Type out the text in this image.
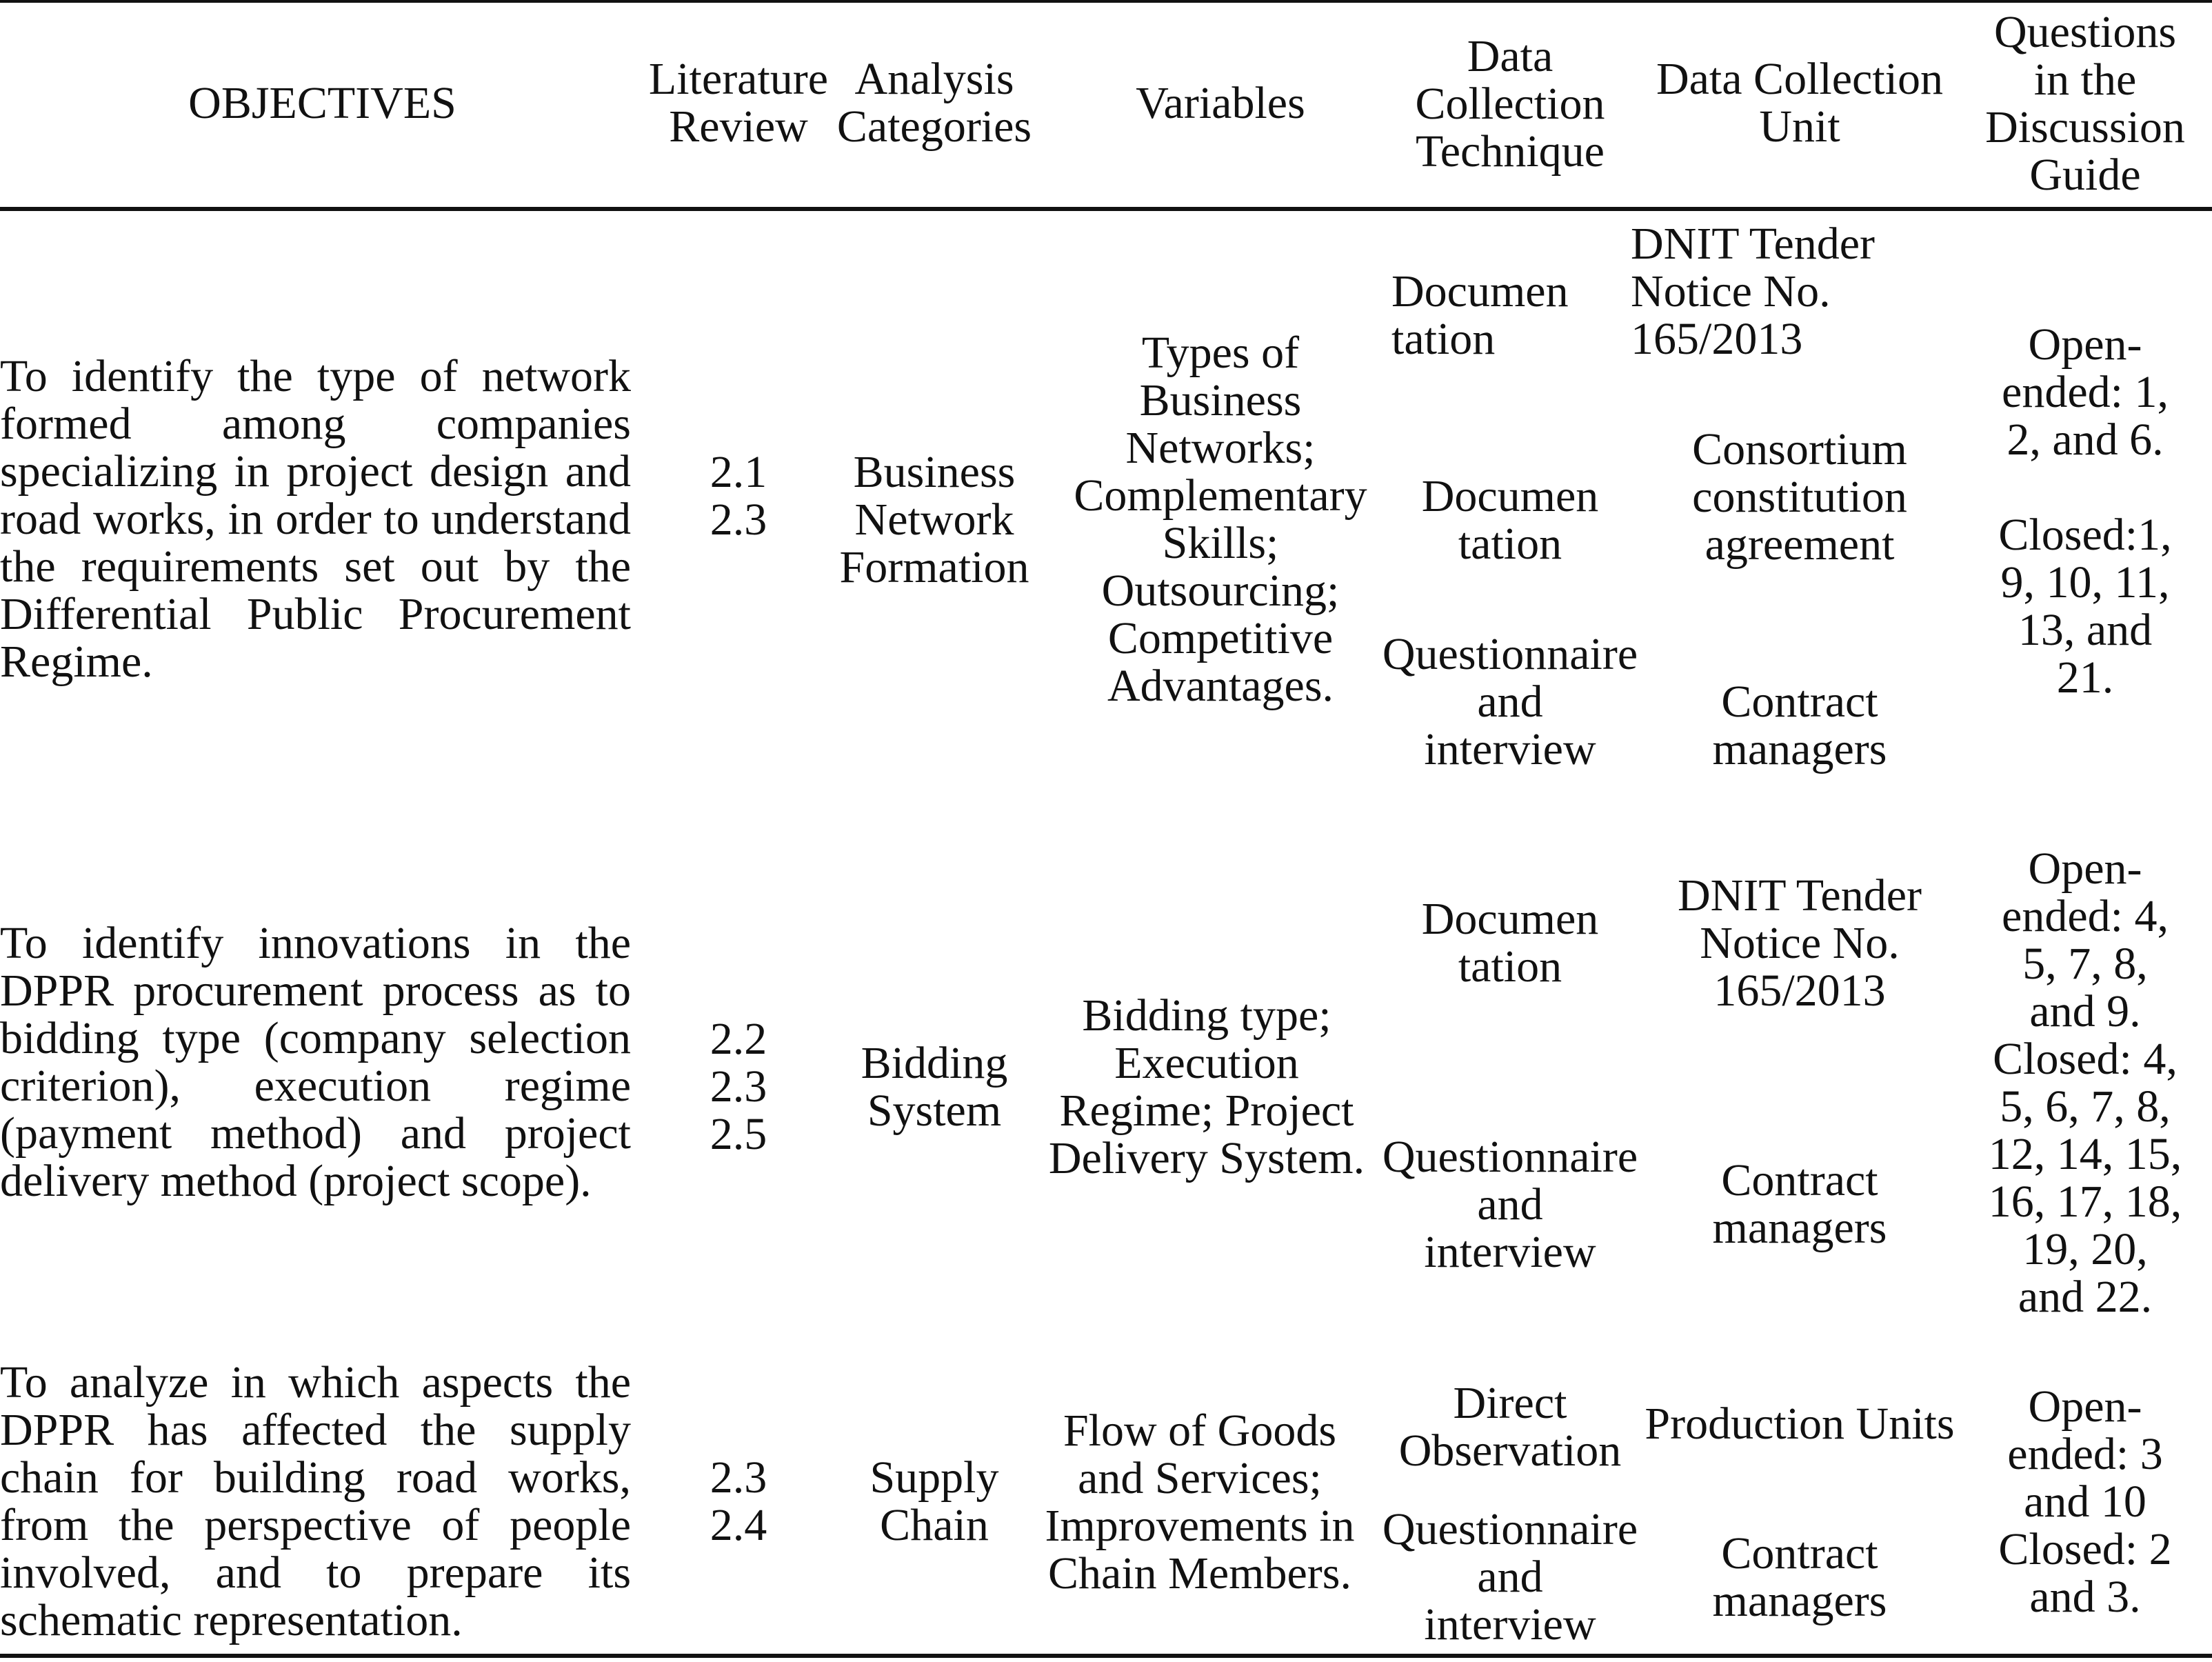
OBJECTIVES	Literature
Review
Analysis
Categories	Variables
Data
Collection
Technique
Data Collection
Unit
Questions
in the
Discussion
Guide
To identify the type of network formed among companies specializing in project design and road works, in order to understand the requirements set out by the Differential Public Procurement Regime.
2.1
2.3
Business
Network
Formation
Types of
Business
Networks;
Complementary
Skills;
Outsourcing;
Competitive
Advantages.
Documen
tation
Documen
tation
Questionnaire
and
interview
DNIT Tender
Notice No.
165/2013
Consortium
constitution
agreement
Contract
managers
Open-
ended: 1,
2, and 6.

Closed:1,
9, 10, 11,
13, and
21.
To identify innovations in the DPPR procurement process as to bidding type (company selection criterion), execution regime (payment method) and project delivery method (project scope).
2.2
2.3
2.5
Bidding
System
Bidding type;
Execution
Regime; Project
Delivery System.
Documen
tation
Questionnaire
and
interview
DNIT Tender
Notice No.
165/2013
Contract
managers
Open-
ended: 4,
5, 7, 8,
and 9.
Closed: 4,
5, 6, 7, 8,
12, 14, 15,
16, 17, 18,
19, 20,
and 22.
To analyze in which aspects the DPPR has affected the supply chain for building road works, from the perspective of people involved, and to prepare its schematic representation.
2.3
2.4
Supply
Chain
Flow of Goods
and Services;
Improvements in
Chain Members.
Direct
Observation
Questionnaire
and
interview
Production Units
Contract
managers
Open-
ended: 3
and 10
Closed: 2
and 3.
